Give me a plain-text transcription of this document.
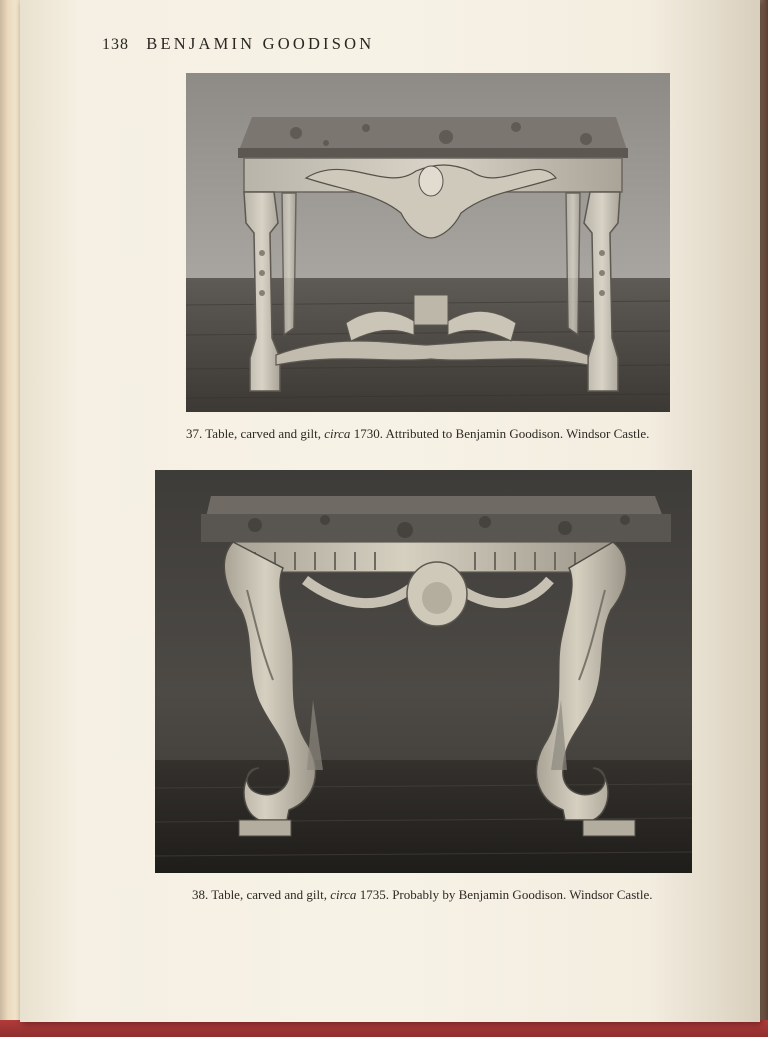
138 BENJAMIN GOODISON
37. Table, carved and gilt, circa 1730. Attributed to Benjamin Goodison. Windsor Castle.
38. Table, carved and gilt, circa 1735. Probably by Benjamin Goodison. Windsor Castle.
